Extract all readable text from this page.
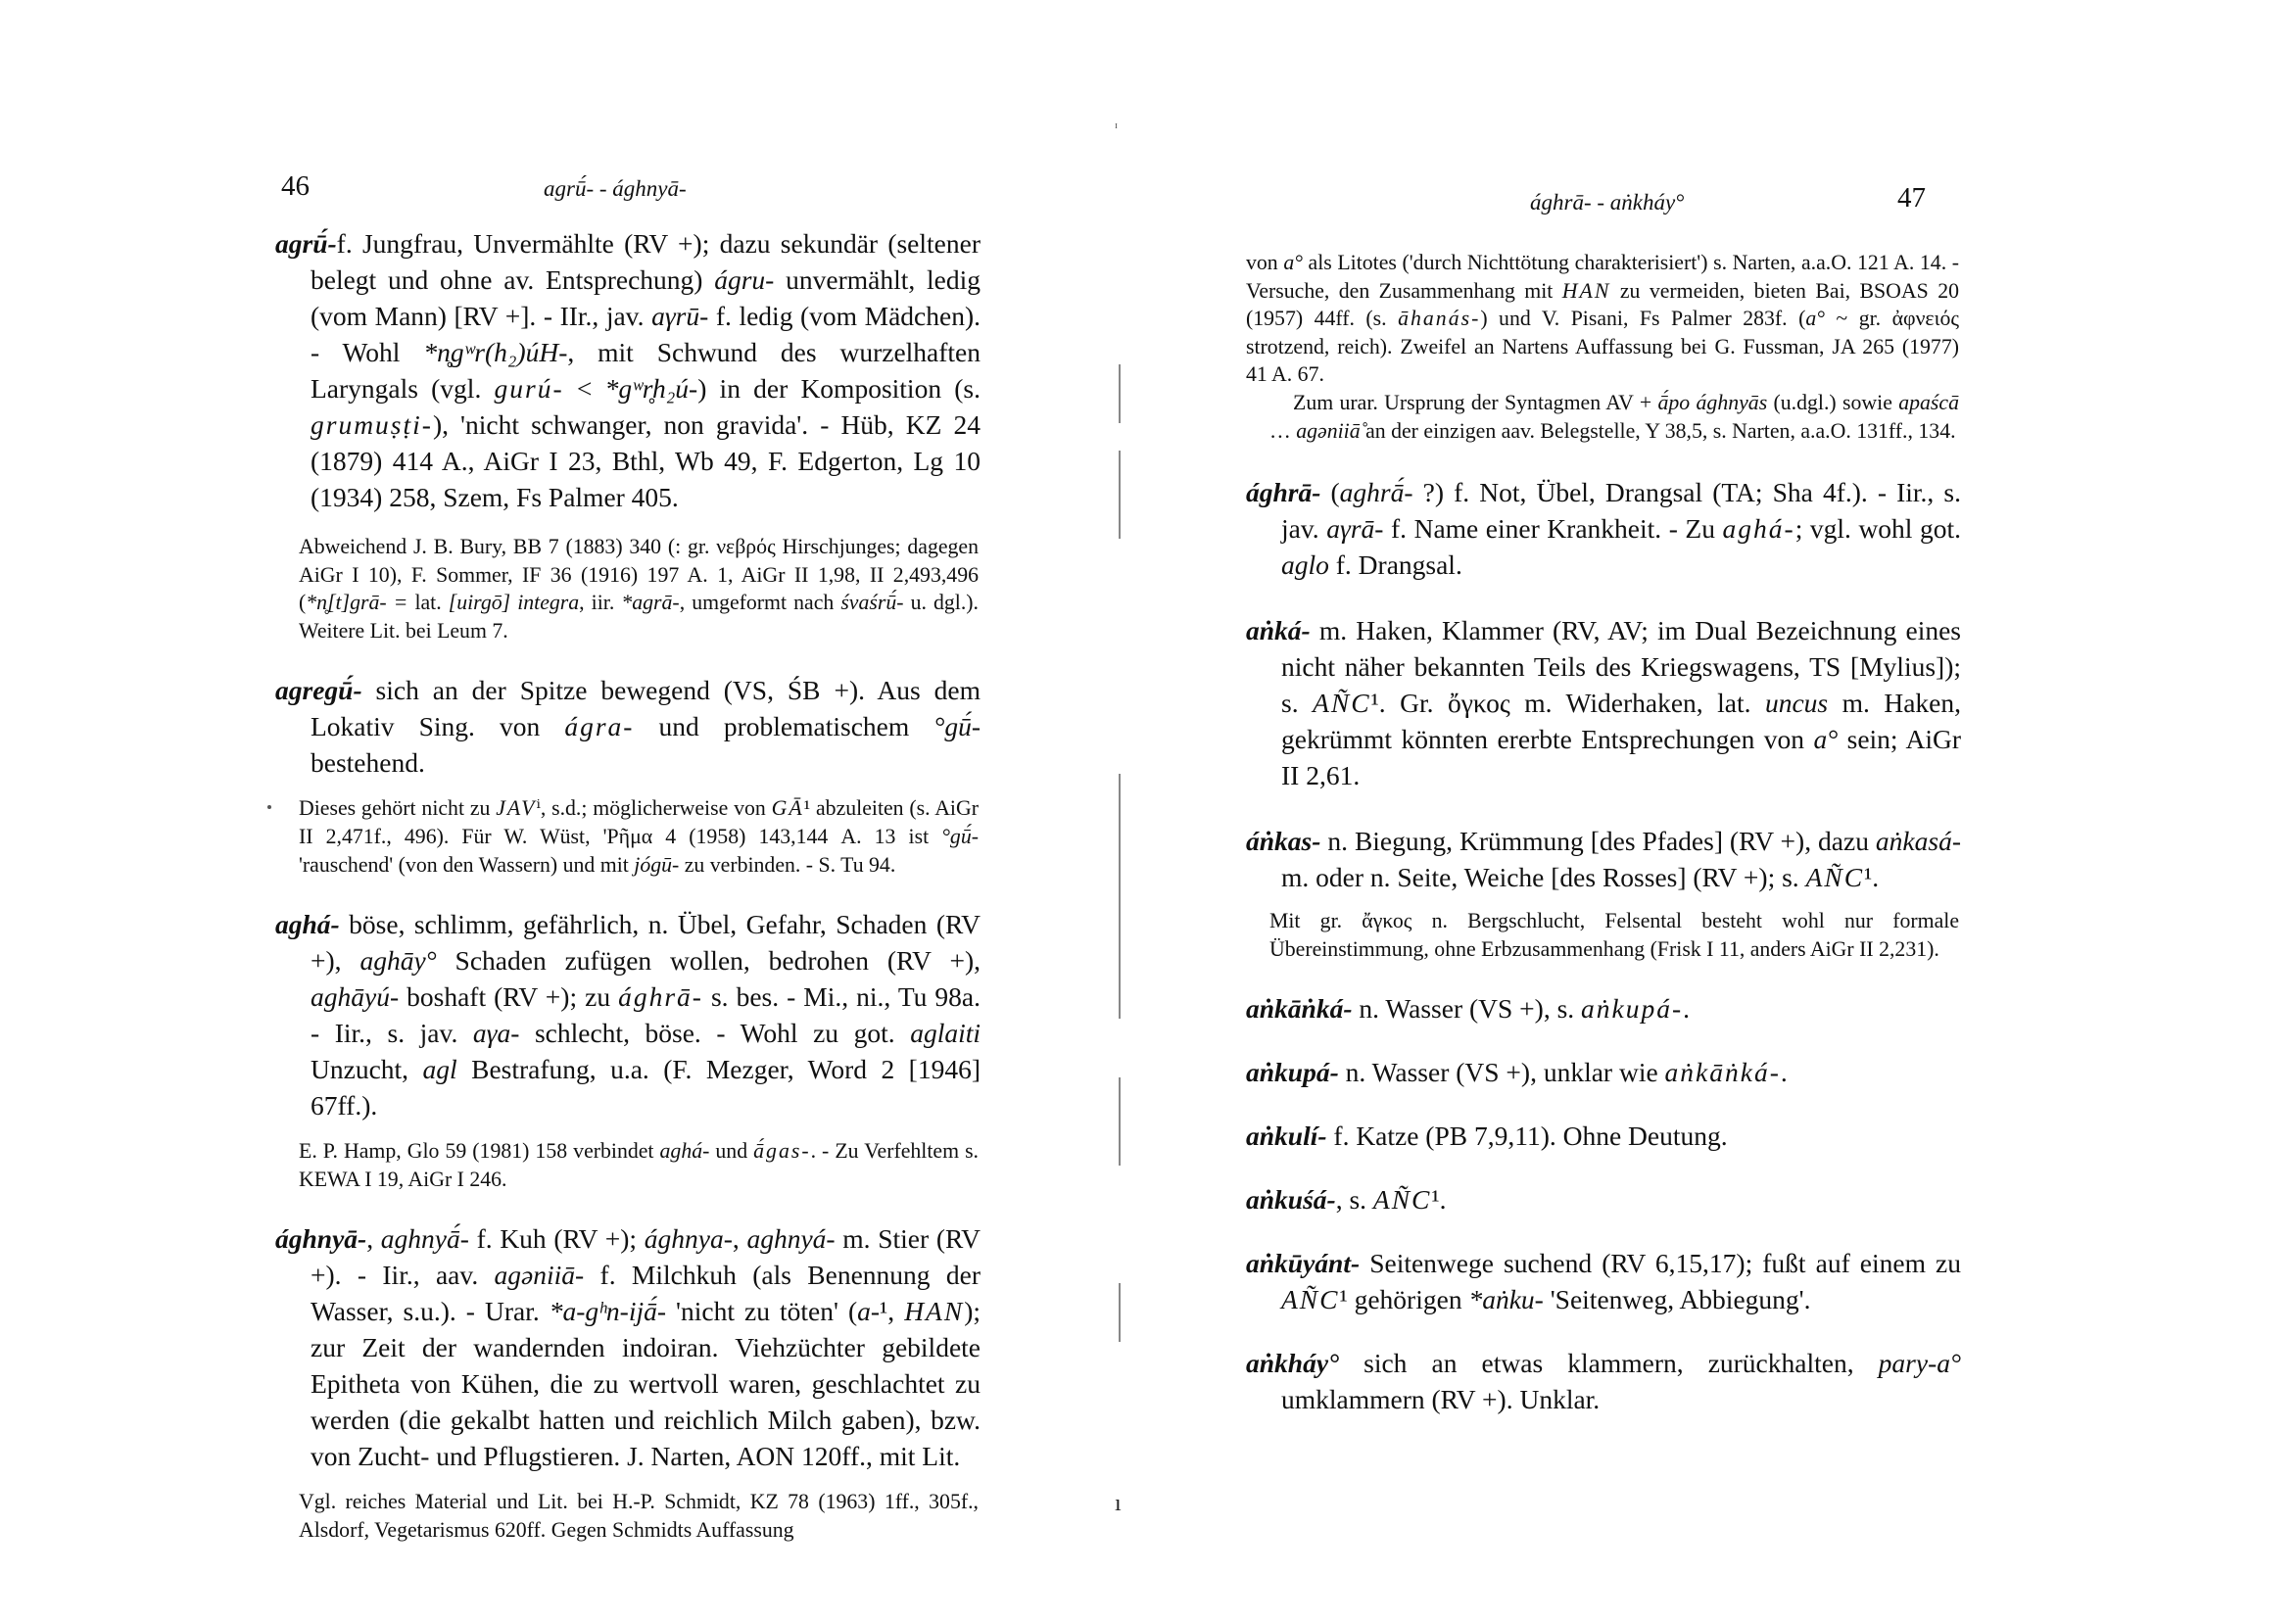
46	agrū́- - ághnyā-

agrū́-f. Jungfrau, Unvermählte (RV +); dazu sekundär (seltener belegt und ohne av. Entsprechung) ágru- unvermählt, ledig (vom Mann) [RV +]. - IIr., jav. aγrū- f. ledig (vom Mädchen). - Wohl *n̥gʷr(h₂)úH-, mit Schwund des wurzelhaften Laryngals (vgl. gurú- < *gʷr̥h₂ú-) in der Komposition (s. grumuṣṭi-), 'nicht schwanger, non gravida'. - Hüb, KZ 24 (1879) 414 A., AiGr I 23, Bthl, Wb 49, F. Edgerton, Lg 10 (1934) 258, Szem, Fs Palmer 405.

Abweichend J. B. Bury, BB 7 (1883) 340 (: gr. νεβρός Hirschjunges; dagegen AiGr I 10), F. Sommer, IF 36 (1916) 197 A. 1, AiGr II 1,98, II 2,493,496 (*n̥[t]grā- = lat. [uirgō] integra, iir. *agrā-, umgeformt nach śvaśrū́- u. dgl.). Weitere Lit. bei Leum 7.

agregū́- sich an der Spitze bewegend (VS, ŚB +). Aus dem Lokativ Sing. von ágra- und problematischem °gū́- bestehend.

Dieses gehört nicht zu JAVⁱ, s.d.; möglicherweise von GĀ¹ abzuleiten (s. AiGr II 2,471f., 496). Für W. Wüst, 'Ρῆμα 4 (1958) 143,144 A. 13 ist °gū́- 'rauschend' (von den Wassern) und mit jógū- zu verbinden. - S. Tu 94.

aghá- böse, schlimm, gefährlich, n. Übel, Gefahr, Schaden (RV +), aghāy° Schaden zufügen wollen, bedrohen (RV +), aghāyú- boshaft (RV +); zu ághrā- s. bes. - Mi., ni., Tu 98a. - Iir., s. jav. aγa- schlecht, böse. - Wohl zu got. aglaiti Unzucht, agl Bestrafung, u.a. (F. Mezger, Word 2 [1946] 67ff.).

E. P. Hamp, Glo 59 (1981) 158 verbindet aghá- und ā́gas-. - Zu Verfehltem s. KEWA I 19, AiGr I 246.

ághnyā-, aghnyā́- f. Kuh (RV +); ághnya-, aghnyá- m. Stier (RV +). - Iir., aav. agəniiā- f. Milchkuh (als Benennung der Wasser, s.u.). - Urar. *a-gʰn-ijā́- 'nicht zu töten' (a-¹, HAN); zur Zeit der wandernden indoiran. Viehzüchter gebildete Epitheta von Kühen, die zu wertvoll waren, geschlachtet zu werden (die gekalbt hatten und reichlich Milch gaben), bzw. von Zucht- und Pflugstieren. J. Narten, AON 120ff., mit Lit.

Vgl. reiches Material und Lit. bei H.-P. Schmidt, KZ 78 (1963) 1ff., 305f., Alsdorf, Vegetarismus 620ff. Gegen Schmidts Auffassung

ághrā- - aṅkháy°	47
ᶦ
ı

von a° als Litotes ('durch Nichttötung charakterisiert') s. Narten, a.a.O. 121 A. 14. - Versuche, den Zusammenhang mit HAN zu vermeiden, bieten Bai, BSOAS 20 (1957) 44ff. (s. āhanás-) und V. Pisani, Fs Palmer 283f. (a° ~ gr. ἀφνειός strotzend, reich). Zweifel an Nartens Auffassung bei G. Fussman, JA 265 (1977) 41 A. 67.

Zum urar. Ursprung der Syntagmen AV + ā́po ághnyās (u.dgl.) sowie apaścā … agəniiā̊ an der einzigen aav. Belegstelle, Y 38,5, s. Narten, a.a.O. 131ff., 134.

ághrā- (aghrā́- ?) f. Not, Übel, Drangsal (TA; Sha 4f.). - Iir., s. jav. aγrā- f. Name einer Krankheit. - Zu aghá-; vgl. wohl got. aglo f. Drangsal.

aṅká- m. Haken, Klammer (RV, AV; im Dual Bezeichnung eines nicht näher bekannten Teils des Kriegswagens, TS [Mylius]); s. AÑC¹. Gr. ὄγκος m. Widerhaken, lat. uncus m. Haken, gekrümmt könnten ererbte Entsprechungen von a° sein; AiGr II 2,61.

áṅkas- n. Biegung, Krümmung [des Pfades] (RV +), dazu aṅkasá- m. oder n. Seite, Weiche [des Rosses] (RV +); s. AÑC¹.

Mit gr. ἄγκος n. Bergschlucht, Felsental besteht wohl nur formale Übereinstimmung, ohne Erbzusammenhang (Frisk I 11, anders AiGr II 2,231).

aṅkāṅká- n. Wasser (VS +), s. aṅkupá-.

aṅkupá- n. Wasser (VS +), unklar wie aṅkāṅká-.

aṅkulí- f. Katze (PB 7,9,11). Ohne Deutung.

aṅkuśá-, s. AÑC¹.

aṅkūyánt- Seitenwege suchend (RV 6,15,17); fußt auf einem zu AÑC¹ gehörigen *aṅku- 'Seitenweg, Abbiegung'.

aṅkháy° sich an etwas klammern, zurückhalten, pary-a° umklammern (RV +). Unklar.
